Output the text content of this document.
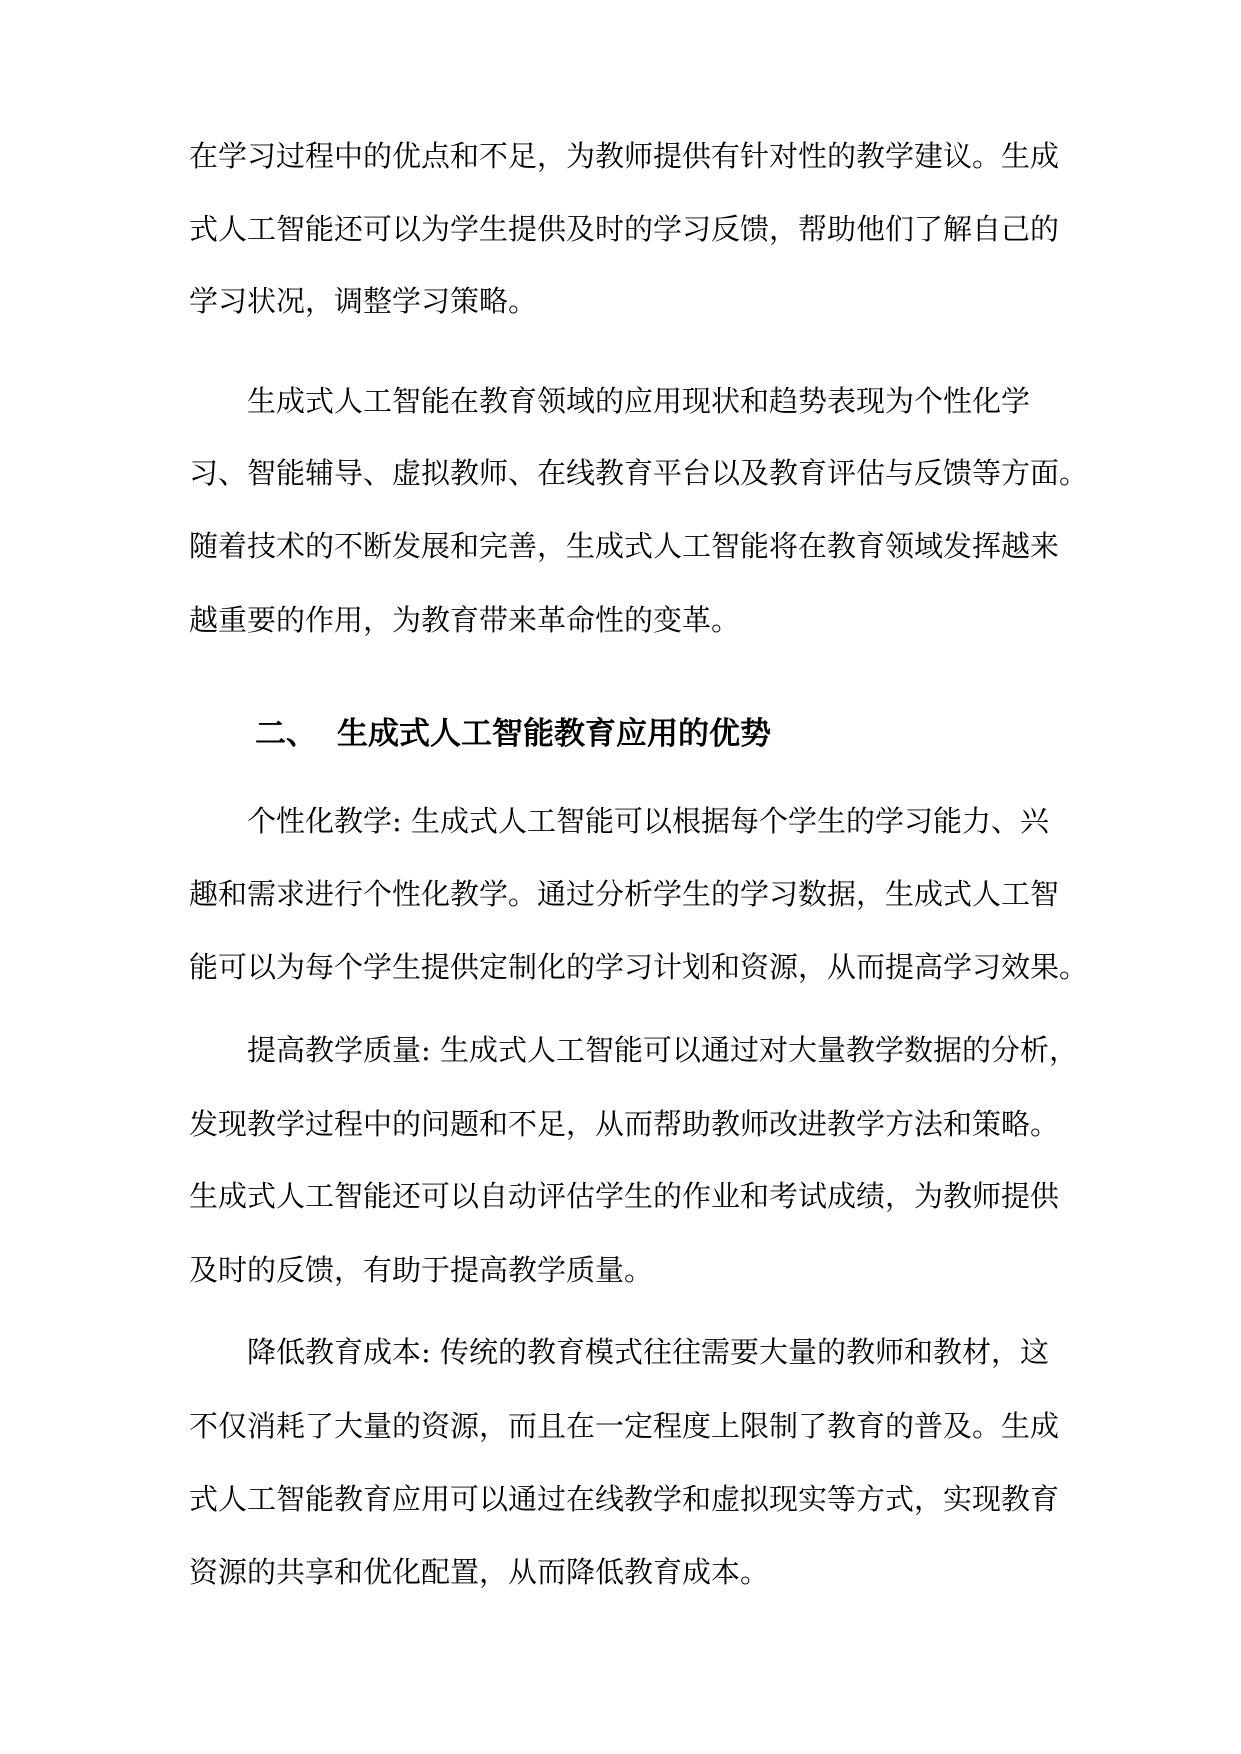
在学习过程中的优点和不足，为教师提供有针对性的教学建议。生成
式人工智能还可以为学生提供及时的学习反馈，帮助他们了解自己的
学习状况，调整学习策略。
生成式人工智能在教育领域的应用现状和趋势表现为个性化学
习、智能辅导、虚拟教师、在线教育平台以及教育评估与反馈等方面。
随着技术的不断发展和完善，生成式人工智能将在教育领域发挥越来
越重要的作用，为教育带来革命性的变革。
二、 生成式人工智能教育应用的优势
个性化教学: 生成式人工智能可以根据每个学生的学习能力、兴
趣和需求进行个性化教学。通过分析学生的学习数据，生成式人工智
能可以为每个学生提供定制化的学习计划和资源，从而提高学习效果。
提高教学质量: 生成式人工智能可以通过对大量教学数据的分析，
发现教学过程中的问题和不足，从而帮助教师改进教学方法和策略。
生成式人工智能还可以自动评估学生的作业和考试成绩，为教师提供
及时的反馈，有助于提高教学质量。
降低教育成本: 传统的教育模式往往需要大量的教师和教材，这
不仅消耗了大量的资源，而且在一定程度上限制了教育的普及。生成
式人工智能教育应用可以通过在线教学和虚拟现实等方式，实现教育
资源的共享和优化配置，从而降低教育成本。
